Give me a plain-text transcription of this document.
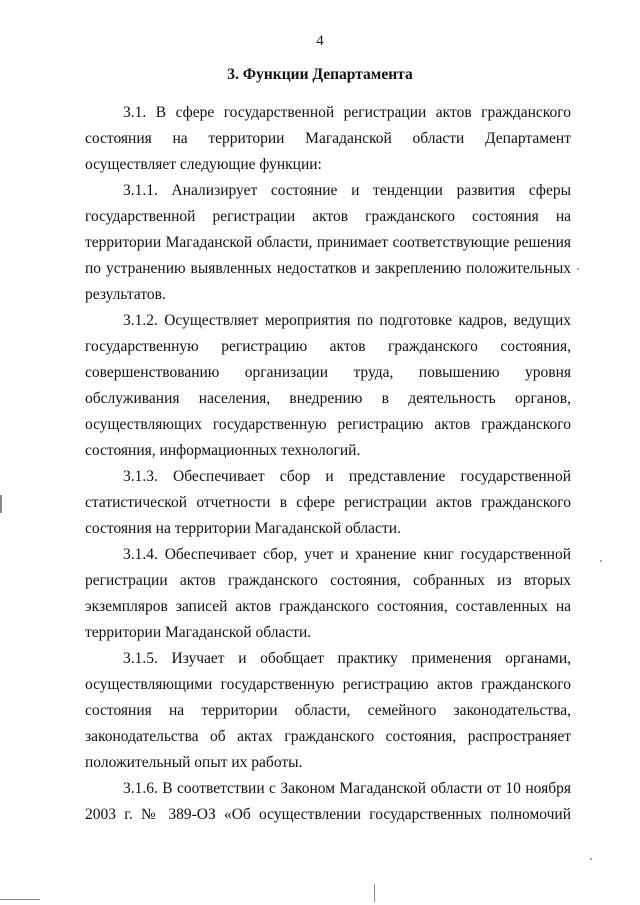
4
3. Функции Департамента

3.1. В сфере государственной регистрации актов гражданского состояния на территории Магаданской области Департамент осуществляет следующие функции:

3.1.1. Анализирует состояние и тенденции развития сферы государственной регистрации актов гражданского состояния на территории Магаданской области, принимает соответствующие решения по устранению выявленных недостатков и закреплению положительных результатов.

3.1.2. Осуществляет мероприятия по подготовке кадров, ведущих государственную регистрацию актов гражданского состояния, совершенствованию организации труда, повышению уровня обслуживания населения, внедрению в деятельность органов, осуществляющих государственную регистрацию актов гражданского состояния, информационных технологий.

3.1.3. Обеспечивает сбор и представление государственной статистической отчетности в сфере регистрации актов гражданского состояния на территории Магаданской области.

3.1.4. Обеспечивает сбор, учет и хранение книг государственной регистрации актов гражданского состояния, собранных из вторых экземпляров записей актов гражданского состояния, составленных на территории Магаданской области.

3.1.5. Изучает и обобщает практику применения органами, осуществляющими государственную регистрацию актов гражданского состояния на территории области, семейного законодательства, законодательства об актах гражданского состояния, распространяет положительный опыт их работы.

3.1.6. В соответствии с Законом Магаданской области от 10 ноября

2003 г. № 389-ОЗ «Об осуществлении государственных полномочий
